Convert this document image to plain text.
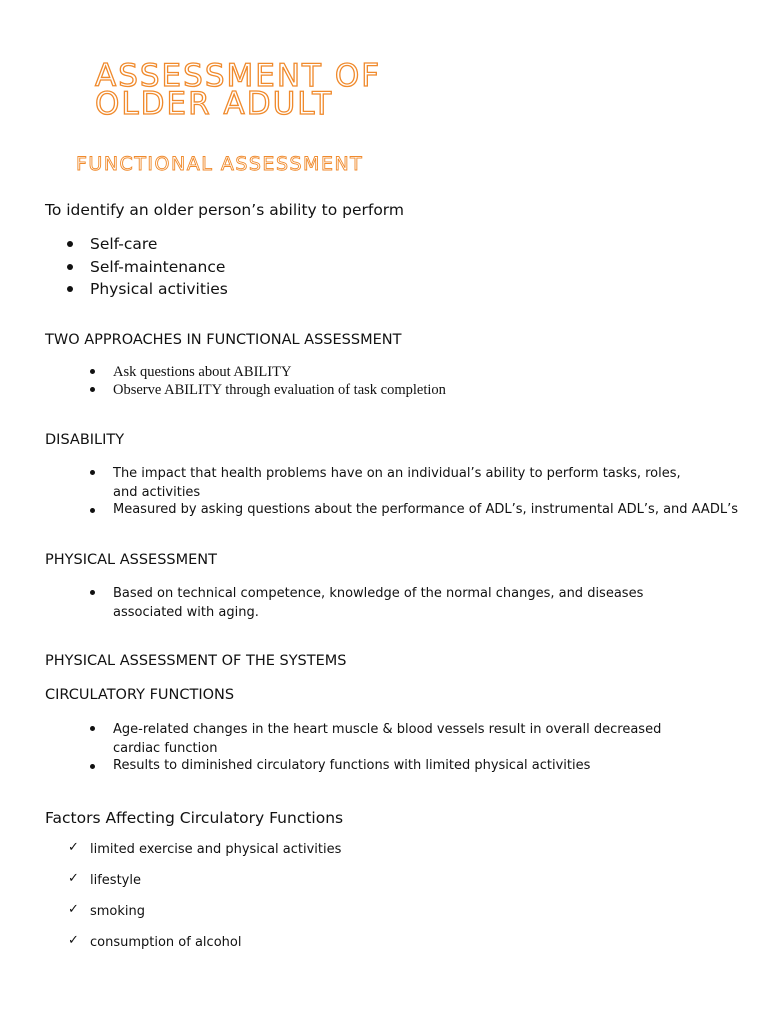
ASSESSMENT OF
OLDER ADULT
FUNCTIONAL ASSESSMENT
To identify an older person’s ability to perform
Self-care
Self-maintenance
Physical activities
TWO APPROACHES IN FUNCTIONAL ASSESSMENT
Ask questions about ABILITY
Observe ABILITY through evaluation of task completion
DISABILITY
The impact that health problems have on an individual’s ability to perform tasks, roles, and activities
Measured by asking questions about the performance of ADL’s, instrumental ADL’s, and AADL’s
PHYSICAL ASSESSMENT
Based on technical competence, knowledge of the normal changes, and diseases associated with aging.
PHYSICAL ASSESSMENT OF THE SYSTEMS
CIRCULATORY FUNCTIONS
Age-related changes in the heart muscle & blood vessels result in overall decreased cardiac function
Results to diminished circulatory functions with limited physical activities
Factors Affecting Circulatory Functions
✓ limited exercise and physical activities
✓ lifestyle
✓ smoking
✓ consumption of alcohol
